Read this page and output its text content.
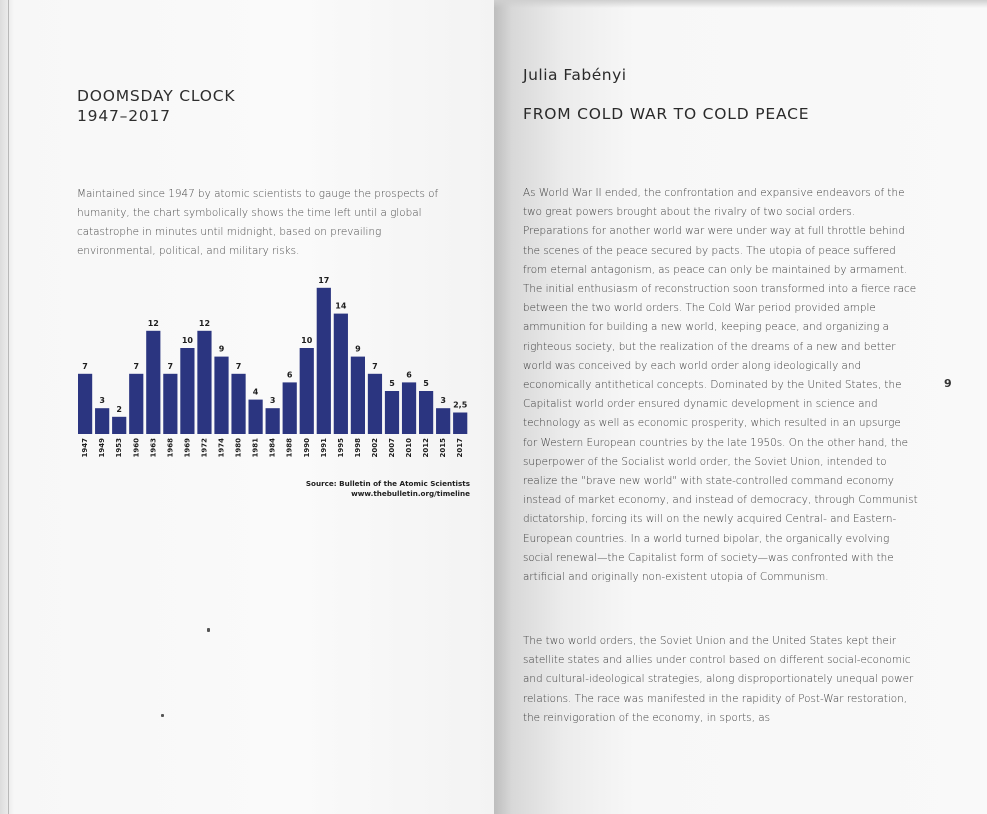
DOOMSDAY CLOCK
1947–2017
Maintained since 1947 by atomic scientists to gauge the prospects of humanity, the chart symbolically shows the time left until a global catastrophe in minutes until midnight, based on prevailing environmental, political, and military risks.
7
1947
3
1949
2
1953
7
1960
12
1963
7
1968
10
1969
12
1972
9
1974
7
1980
4
1981
3
1984
6
1988
10
1990
17
1991
14
1995
9
1998
7
2002
5
2007
6
2010
5
2012
3
2015
2,5
2017
Source: Bulletin of the Atomic Scientists
www.thebulletin.org/timeline
Julia Fabényi
FROM COLD WAR TO COLD PEACE
As World War II ended, the confrontation and expansive endeavors of the two great powers brought about the rivalry of two social orders. Preparations for another world war were under way at full throttle behind the scenes of the peace secured by pacts. The utopia of peace suffered from eternal antagonism, as peace can only be maintained by armament. The initial enthusiasm of reconstruction soon transformed into a fierce race between the two world orders. The Cold War period provided ample ammunition for building a new world, keeping peace, and organizing a righteous society, but the realization of the dreams of a new and better world was conceived by each world order along ideologically and economically antithetical concepts. Dominated by the United States, the Capitalist world order ensured dynamic development in science and technology as well as economic prosperity, which resulted in an upsurge for Western European countries by the late 1950s. On the other hand, the superpower of the Socialist world order, the Soviet Union, intended to realize the "brave new world" with state-controlled command economy instead of market economy, and instead of democracy, through Communist dictatorship, forcing its will on the newly acquired Central- and Eastern-European countries. In a world turned bipolar, the organically evolving social renewal—the Capitalist form of society—was confronted with the artificial and originally non-existent utopia of Communism.
The two world orders, the Soviet Union and the United States kept their satellite states and allies under control based on different social-economic and cultural-ideological strategies, along disproportionately unequal power relations. The race was manifested in the rapidity of Post-War restoration, the reinvigoration of the economy, in sports, as
9
